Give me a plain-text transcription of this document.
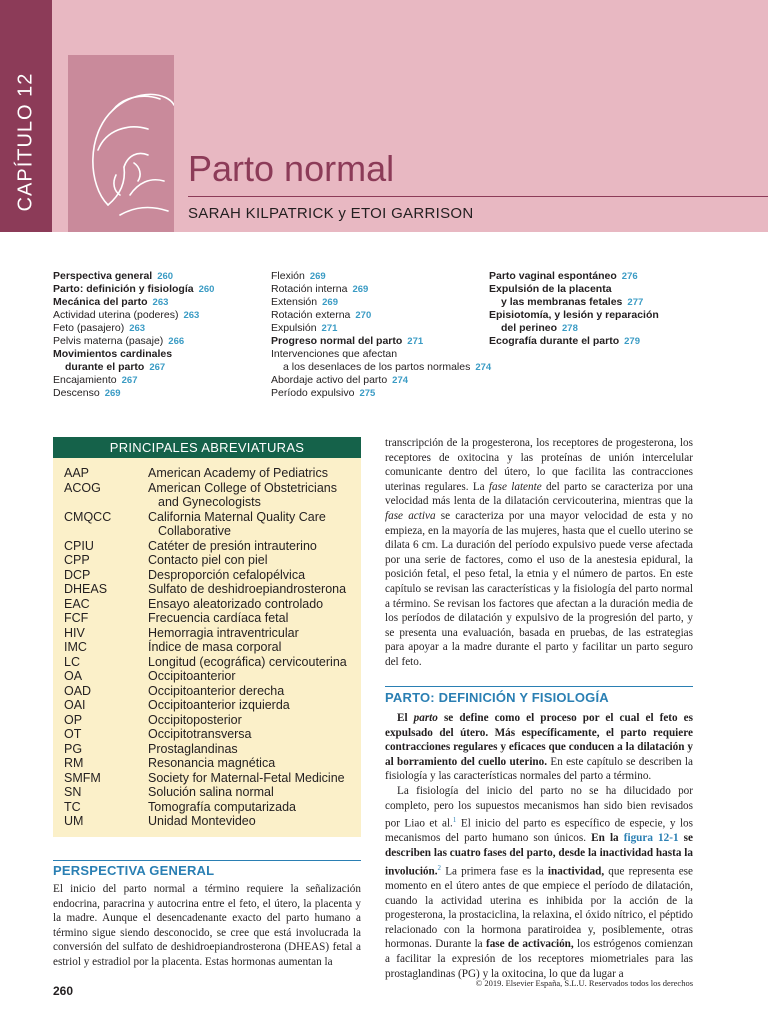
CAPÍTULO 12	Parto normal
SARAH KILPATRICK y ETOI GARRISON
Perspectiva general 260
Parto: definición y fisiología 260
Mecánica del parto 263
Actividad uterina (poderes) 263
Feto (pasajero) 263
Pelvis materna (pasaje) 266
Movimientos cardinales
durante el parto 267
Encajamiento 267
Descenso 269
Flexión 269
Rotación interna 269
Extensión 269
Rotación externa 270
Expulsión 271
Progreso normal del parto 271
Intervenciones que afectan
a los desenlaces de los partos normales 274
Abordaje activo del parto 274
Período expulsivo 275
Parto vaginal espontáneo 276
Expulsión de la placenta
y las membranas fetales 277
Episiotomía, y lesión y reparación
del perineo 278
Ecografía durante el parto 279
PRINCIPALES ABREVIATURAS
AAP	American Academy of Pediatrics
ACOG	American College of Obstetricians
and Gynecologists
CMQCC	California Maternal Quality Care
Collaborative
CPIU	Catéter de presión intrauterino
CPP	Contacto piel con piel
DCP	Desproporción cefalopélvica
DHEAS	Sulfato de deshidroepiandrosterona
EAC	Ensayo aleatorizado controlado
FCF	Frecuencia cardíaca fetal
HIV	Hemorragia intraventricular
IMC	Índice de masa corporal
LC	Longitud (ecográfica) cervicouterina
OA	Occipitoanterior
OAD	Occipitoanterior derecha
OAI	Occipitoanterior izquierda
OP	Occipitoposterior
OT	Occipitotransversa
PG	Prostaglandinas
RM	Resonancia magnética
SMFM	Society for Maternal-Fetal Medicine
SN	Solución salina normal
TC	Tomografía computarizada
UM	Unidad Montevideo
PERSPECTIVA GENERAL

El inicio del parto normal a término requiere la señalización endocrina, paracrina y autocrina entre el feto, el útero, la placenta y la madre. Aunque el desencadenante exacto del parto humano a término sigue siendo desconocido, se cree que está involucrada la conversión del sulfato de deshidroepiandrosterona (DHEAS) fetal a estriol y estradiol por la placenta. Estas hormonas aumentan la

transcripción de la progesterona, los receptores de progesterona, los receptores de oxitocina y las proteínas de unión intercelular comunicante dentro del útero, lo que facilita las contracciones uterinas regulares. La fase latente del parto se caracteriza por una velocidad más lenta de la dilatación cervicouterina, mientras que la fase activa se caracteriza por una mayor velocidad de esta y no empieza, en la mayoría de las mujeres, hasta que el cuello uterino se dilata 6 cm. La duración del período expulsivo puede verse afectada por una serie de factores, como el uso de la anestesia epidural, la posición fetal, el peso fetal, la etnia y el número de partos. En este capítulo se revisan las características y la fisiología del parto normal a término. Se revisan los factores que afectan a la duración media de los períodos de dilatación y expulsivo de la progresión del parto, y se presenta una evaluación, basada en pruebas, de las estrategias para apoyar a la madre durante el parto y facilitar un parto seguro del feto.

PARTO: DEFINICIÓN Y FISIOLOGÍA

El parto se define como el proceso por el cual el feto es expulsado del útero. Más específicamente, el parto requiere contracciones regulares y eficaces que conducen a la dilatación y al borramiento del cuello uterino. En este capítulo se describen la fisiología y las características normales del parto a término.

La fisiología del inicio del parto no se ha dilucidado por completo, pero los supuestos mecanismos han sido bien revisados por Liao et al.$^1$ El inicio del parto es específico de especie, y los mecanismos del parto humano son únicos. En la figura 12-1 se describen las cuatro fases del parto, desde la inactividad hasta la involución.$^2$ La primera fase es la inactividad, que representa ese momento en el útero antes de que empiece el período de dilatación, cuando la actividad uterina es inhibida por la acción de la progesterona, la prostaciclina, la relaxina, el óxido nítrico, el péptido relacionado con la hormona paratiroidea y, posiblemente, otras hormonas. Durante la fase de activación, los estrógenos comienzan a facilitar la expresión de los receptores miometriales para las prostaglandinas (PG) y la oxitocina, lo que da lugar a

260
© 2019. Elsevier España, S.L.U. Reservados todos los derechos
